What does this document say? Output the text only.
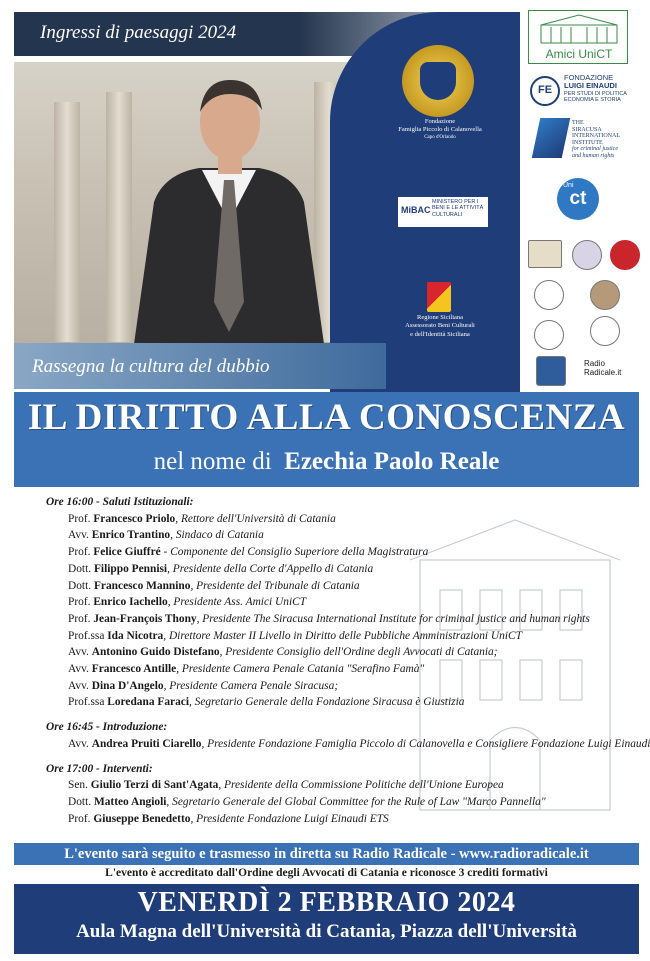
Ingressi di paesaggi 2024
Fondazione
Famiglia Piccolo di Calanovella
Capo d'Orlando
MiBAC
MINISTERO PER I BENI E LE ATTIVITÀ CULTURALI
Regione Siciliana
Assessorato Beni Culturali
e dell'Identità Siciliana
Rassegna la cultura del dubbio
Amici UniCT
FE
FONDAZIONE
LUIGI EINAUDI
PER STUDI DI POLITICA
ECONOMIA E STORIA
THE
SIRACUSA
INTERNATIONAL
INSTITUTE
for criminal justice
and human rights
Uni
ct
Radio
Radicale.it
IL DIRITTO ALLA CONOSCENZA
nel nome di Ezechia Paolo Reale
Ore 16:00 - Saluti Istituzionali:
Prof. Francesco Priolo, Rettore dell'Università di Catania
Avv. Enrico Trantino, Sindaco di Catania
Prof. Felice Giuffré - Componente del Consiglio Superiore della Magistratura
Dott. Filippo Pennisi, Presidente della Corte d'Appello di Catania
Dott. Francesco Mannino, Presidente del Tribunale di Catania
Prof. Enrico Iachello, Presidente Ass. Amici UniCT
Prof. Jean-François Thony, Presidente The Siracusa International Institute for criminal justice and human rights
Prof.ssa Ida Nicotra, Direttore Master II Livello in Diritto delle Pubbliche Amministrazioni UniCT
Avv. Antonino Guido Distefano, Presidente Consiglio dell'Ordine degli Avvocati di Catania;
Avv. Francesco Antille, Presidente Camera Penale Catania "Serafino Famà"
Avv. Dina D'Angelo, Presidente Camera Penale Siracusa;
Prof.ssa Loredana Faraci, Segretario Generale della Fondazione Siracusa è Giustizia
Ore 16:45 - Introduzione:
Avv. Andrea Pruiti Ciarello, Presidente Fondazione Famiglia Piccolo di Calanovella e Consigliere Fondazione Luigi Einaudi
Ore 17:00 - Interventi:
Sen. Giulio Terzi di Sant'Agata, Presidente della Commissione Politiche dell'Unione Europea
Dott. Matteo Angioli, Segretario Generale del Global Committee for the Rule of Law "Marco Pannella"
Prof. Giuseppe Benedetto, Presidente Fondazione Luigi Einaudi ETS
L'evento sarà seguito e trasmesso in diretta su Radio Radicale - www.radioradicale.it
L'evento è accreditato dall'Ordine degli Avvocati di Catania e riconosce 3 crediti formativi
VENERDÌ 2 FEBBRAIO 2024
Aula Magna dell'Università di Catania, Piazza dell'Università
